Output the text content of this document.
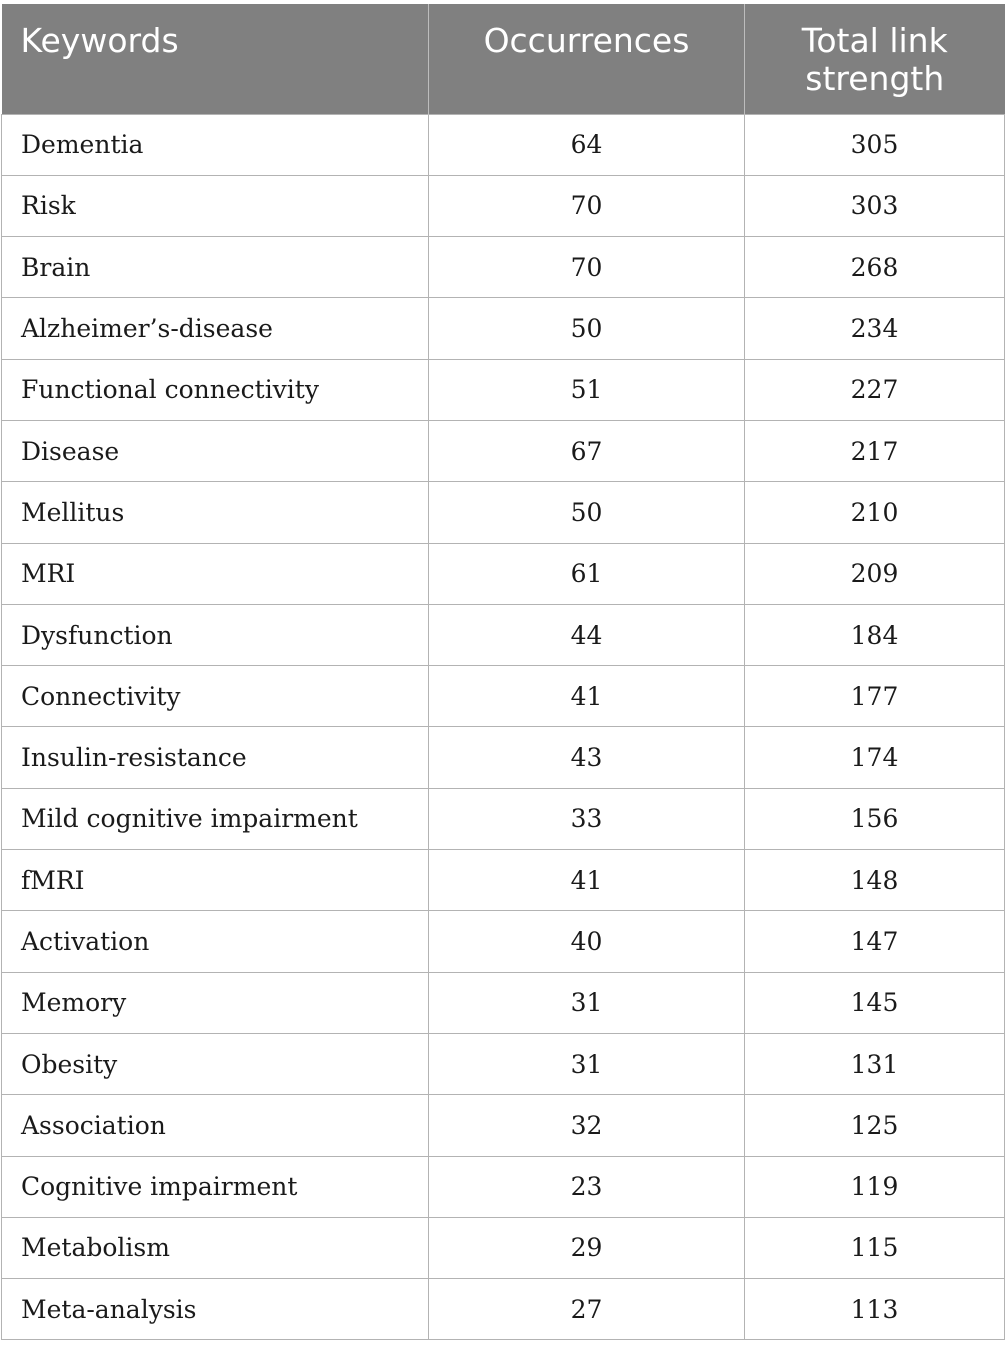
Keywords	Occurrences	Total link
strength
Dementia	64	305
Risk	70	303
Brain	70	268
Alzheimer’s-disease	50	234
Functional connectivity	51	227
Disease	67	217
Mellitus	50	210
MRI	61	209
Dysfunction	44	184
Connectivity	41	177
Insulin-resistance	43	174
Mild cognitive impairment	33	156
fMRI	41	148
Activation	40	147
Memory	31	145
Obesity	31	131
Association	32	125
Cognitive impairment	23	119
Metabolism	29	115
Meta-analysis	27	113
